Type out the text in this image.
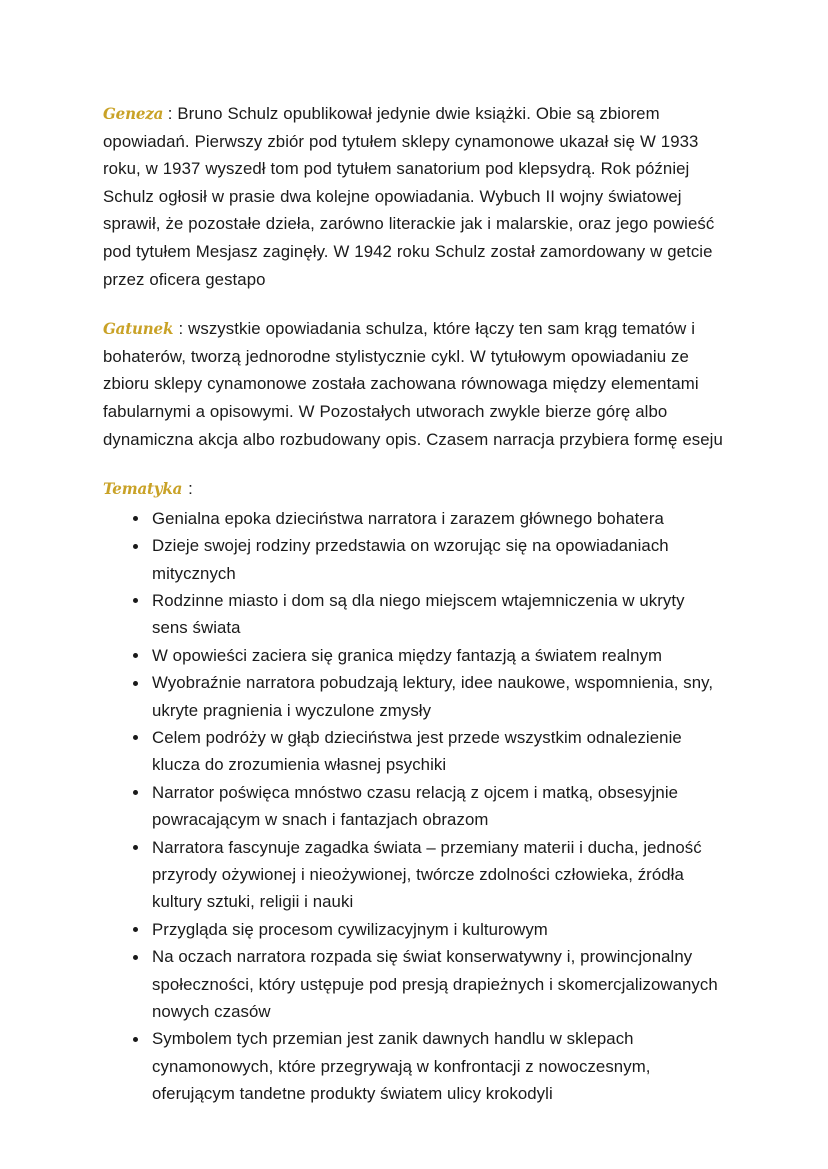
Geneza : Bruno Schulz opublikował jedynie dwie książki. Obie są zbiorem opowiadań. Pierwszy zbiór pod tytułem sklepy cynamonowe ukazał się W 1933 roku, w 1937 wyszedł tom pod tytułem sanatorium pod klepsydrą. Rok później Schulz ogłosił w prasie dwa kolejne opowiadania. Wybuch II wojny światowej sprawił, że pozostałe dzieła, zarówno literackie jak i malarskie, oraz jego powieść pod tytułem Mesjasz zaginęły. W 1942 roku Schulz został zamordowany w getcie przez oficera gestapo

Gatunek : wszystkie opowiadania schulza, które łączy ten sam krąg tematów i bohaterów, tworzą jednorodne stylistycznie cykl. W tytułowym opowiadaniu ze zbioru sklepy cynamonowe została zachowana równowaga między elementami fabularnymi a opisowymi. W Pozostałych utworach zwykle bierze górę albo dynamiczna akcja albo rozbudowany opis. Czasem narracja przybiera formę eseju

Tematyka :

Genialna epoka dzieciństwa narratora i zarazem głównego bohatera
Dzieje swojej rodziny przedstawia on wzorując się na opowiadaniach mitycznych
Rodzinne miasto i dom są dla niego miejscem wtajemniczenia w ukryty sens świata
W opowieści zaciera się granica między fantazją a światem realnym
Wyobraźnie narratora pobudzają lektury, idee naukowe, wspomnienia, sny, ukryte pragnienia i wyczulone zmysły
Celem podróży w głąb dzieciństwa jest przede wszystkim odnalezienie klucza do zrozumienia własnej psychiki
Narrator poświęca mnóstwo czasu relacją z ojcem i matką, obsesyjnie powracającym w snach i fantazjach obrazom
Narratora fascynuje zagadka świata – przemiany materii i ducha, jedność przyrody ożywionej i nieożywionej, twórcze zdolności człowieka, źródła kultury sztuki, religii i nauki
Przygląda się procesom cywilizacyjnym i kulturowym
Na oczach narratora rozpada się świat konserwatywny i, prowincjonalny społeczności, który ustępuje pod presją drapieżnych i skomercjalizowanych nowych czasów
Symbolem tych przemian jest zanik dawnych handlu w sklepach cynamonowych, które przegrywają w konfrontacji z nowoczesnym, oferującym tandetne produkty światem ulicy krokodyli
